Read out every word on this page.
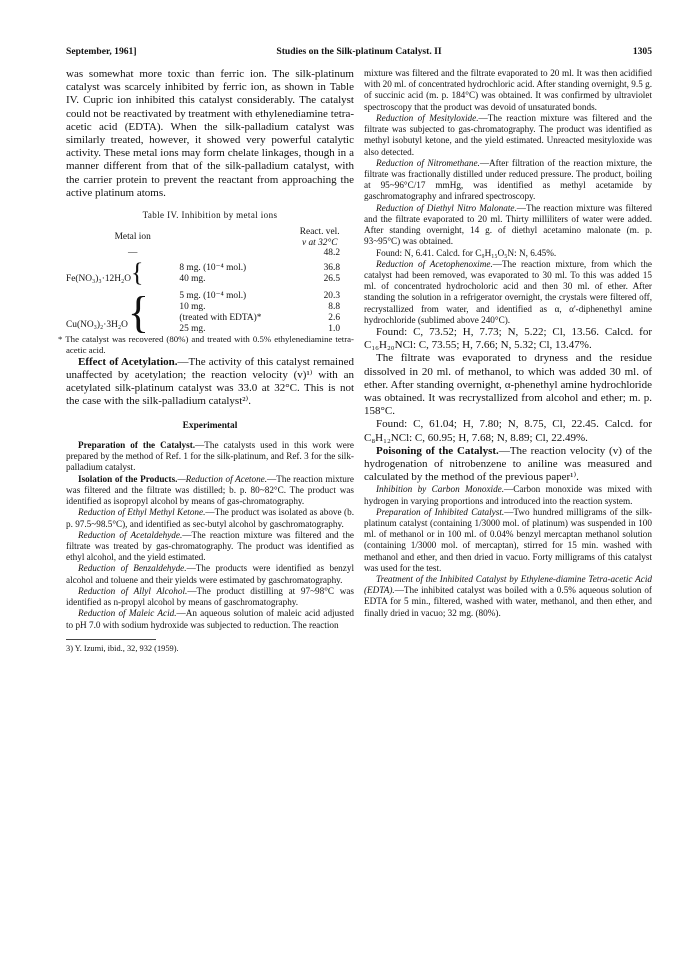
September, 1961]	Studies on the Silk-platinum Catalyst. II	1305

was somewhat more toxic than ferric ion. The silk-platinum catalyst was scarcely inhibited by ferric ion, as shown in Table IV. Cupric ion inhibited this catalyst considerably. The catalyst could not be reactivated by treatment with ethylenediamine tetra-acetic acid (EDTA). When the silk-palladium catalyst was similarly treated, however, it showed very powerful catalytic activity. These metal ions may form chelate linkages, though in a manner different from that of the silk-palladium catalyst, with the carrier protein to prevent the reactant from approaching the active platinum atoms.

Table IV. Inhibition by metal ions
Metal ion		React. vel.
v at 32°C

—		48.2
Fe(NO₃)₃·12H₂O{	8 mg. (10⁻⁴ mol.)	36.8
	40 mg.	26.5
Cu(NO₃)₂·3H₂O{	5 mg. (10⁻⁴ mol.)	20.3
	10 mg.	8.8
	(treated with EDTA)*	2.6
	25 mg.	1.0

* The catalyst was recovered (80%) and treated with 0.5% ethylenediamine tetra-acetic acid.

Effect of Acetylation.—The activity of this catalyst remained unaffected by acetylation; the reaction velocity (v)¹⁾ with an acetylated silk-platinum catalyst was 33.0 at 32°C. This is not the case with the silk-palladium catalyst²⁾.

Experimental

Preparation of the Catalyst.—The catalysts used in this work were prepared by the method of Ref. 1 for the silk-platinum, and Ref. 3 for the silk-palladium catalyst.

Isolation of the Products.—Reduction of Acetone.—The reaction mixture was filtered and the filtrate was distilled; b. p. 80~82°C. The product was identified as isopropyl alcohol by means of gas-chromatography.

Reduction of Ethyl Methyl Ketone.—The product was isolated as above (b. p. 97.5~98.5°C), and identified as sec-butyl alcohol by gaschromatography.

Reduction of Acetaldehyde.—The reaction mixture was filtered and the filtrate was treated by gas-chromatography. The product was identified as ethyl alcohol, and the yield estimated.

Reduction of Benzaldehyde.—The products were identified as benzyl alcohol and toluene and their yields were estimated by gaschromatography.

Reduction of Allyl Alcohol.—The product distilling at 97~98°C was identified as n-propyl alcohol by means of gaschromatography.

Reduction of Maleic Acid.—An aqueous solution of maleic acid adjusted to pH 7.0 with sodium hydroxide was subjected to reduction. The reaction

3) Y. Izumi, ibid., 32, 932 (1959).

mixture was filtered and the filtrate evaporated to 20 ml. It was then acidified with 20 ml. of concentrated hydrochloric acid. After standing overnight, 9.5 g. of succinic acid (m. p. 184°C) was obtained. It was confirmed by ultraviolet spectroscopy that the product was devoid of unsaturated bonds.

Reduction of Mesityloxide.—The reaction mixture was filtered and the filtrate was subjected to gas-chromatography. The product was identified as methyl isobutyl ketone, and the yield estimated. Unreacted mesityloxide was also detected.

Reduction of Nitromethane.—After filtration of the reaction mixture, the filtrate was fractionally distilled under reduced pressure. The product, boiling at 95~96°C/17 mmHg, was identified as methyl acetamide by gaschromatography and infrared spectroscopy.

Reduction of Diethyl Nitro Malonate.—The reaction mixture was filtered and the filtrate evaporated to 20 ml. Thirty milliliters of water were added. After standing overnight, 14 g. of diethyl acetamino malonate (m. p. 93~95°C) was obtained.

Found: N, 6.41. Calcd. for C₉H₁₅O₅N: N, 6.45%.

Reduction of Acetophenoxime.—The reaction mixture, from which the catalyst had been removed, was evaporated to 30 ml. To this was added 15 ml. of concentrated hydrocholoric acid and then 30 ml. of ether. After standing the solution in a refrigerator overnight, the crystals were filtered off, recrystallized from water, and identified as α, α'-diphenethyl amine hydrochloride (sublimed above 240°C).

Found: C, 73.52; H, 7.73; N, 5.22; Cl, 13.56. Calcd. for C₁₆H₂₀NCl: C, 73.55; H, 7.66; N, 5.32; Cl, 13.47%.

The filtrate was evaporated to dryness and the residue dissolved in 20 ml. of methanol, to which was added 30 ml. of ether. After standing overnight, α-phenethyl amine hydrochloride was obtained. It was recrystallized from alcohol and ether; m. p. 158°C.

Found: C, 61.04; H, 7.80; N, 8.75, Cl, 22.45. Calcd. for C₈H₁₂NCl: C, 60.95; H, 7.68; N, 8.89; Cl, 22.49%.

Poisoning of the Catalyst.—The reaction velocity (v) of the hydrogenation of nitrobenzene to aniline was measured and calculated by the method of the previous paper¹⁾.

Inhibition by Carbon Monoxide.—Carbon monoxide was mixed with hydrogen in varying proportions and introduced into the reaction system.

Preparation of Inhibited Catalyst.—Two hundred milligrams of the silk-platinum catalyst (containing 1/3000 mol. of platinum) was suspended in 100 ml. of methanol or in 100 ml. of 0.04% benzyl mercaptan methanol solution (containing 1/3000 mol. of mercaptan), stirred for 15 min. washed with methanol and ether, and then dried in vacuo. Forty milligrams of this catalyst was used for the test.

Treatment of the Inhibited Catalyst by Ethylene-diamine Tetra-acetic Acid (EDTA).—The inhibited catalyst was boiled with a 0.5% aqueous solution of EDTA for 5 min., filtered, washed with water, methanol, and then ether, and finally dried in vacuo; 32 mg. (80%).
